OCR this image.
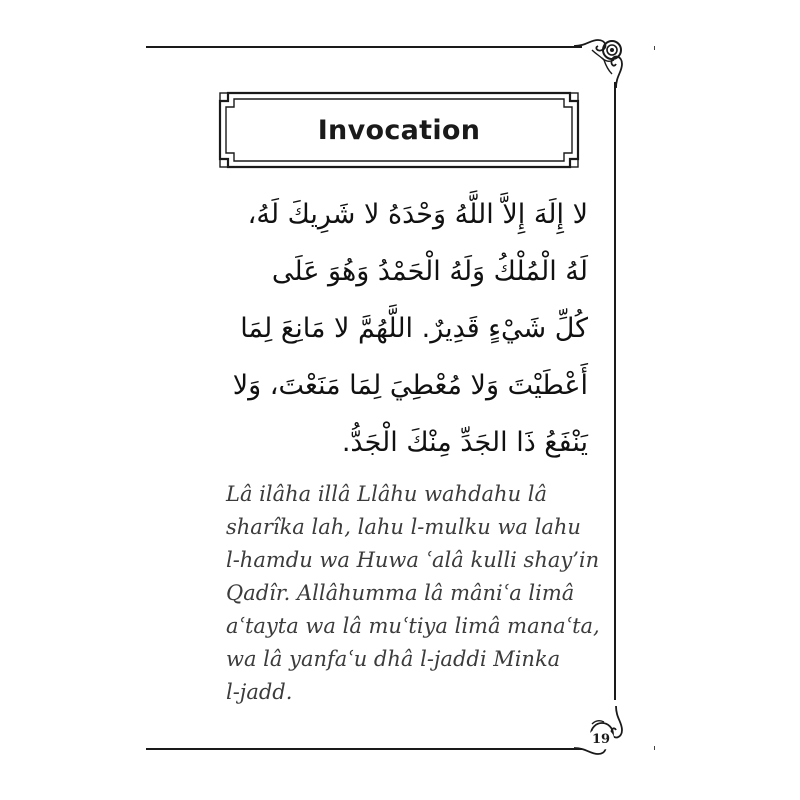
Invocation
لا إِلَهَ إِلاَّ اللَّهُ وَحْدَهُ لا شَرِيكَ لَهُ،
لَهُ الْمُلْكُ وَلَهُ الْحَمْدُ وَهُوَ عَلَى
كُلِّ شَيْءٍ قَدِيرٌ. اللَّهُمَّ لا مَانِعَ لِمَا
أَعْطَيْتَ وَلا مُعْطِيَ لِمَا مَنَعْتَ، وَلا
يَنْفَعُ ذَا الجَدِّ مِنْكَ الْجَدُّ.
Lâ ilâha illâ Llâhu wahdahu lâ
sharîka lah, lahu l-mulku wa lahu
l-hamdu wa Huwa ʿalâ kulli shay’in
Qadîr. Allâhumma lâ mâniʿa limâ
aʿtayta wa lâ muʿtiya limâ manaʿta,
wa lâ yanfaʿu dhâ l-jaddi Minka
l-jadd.
19
